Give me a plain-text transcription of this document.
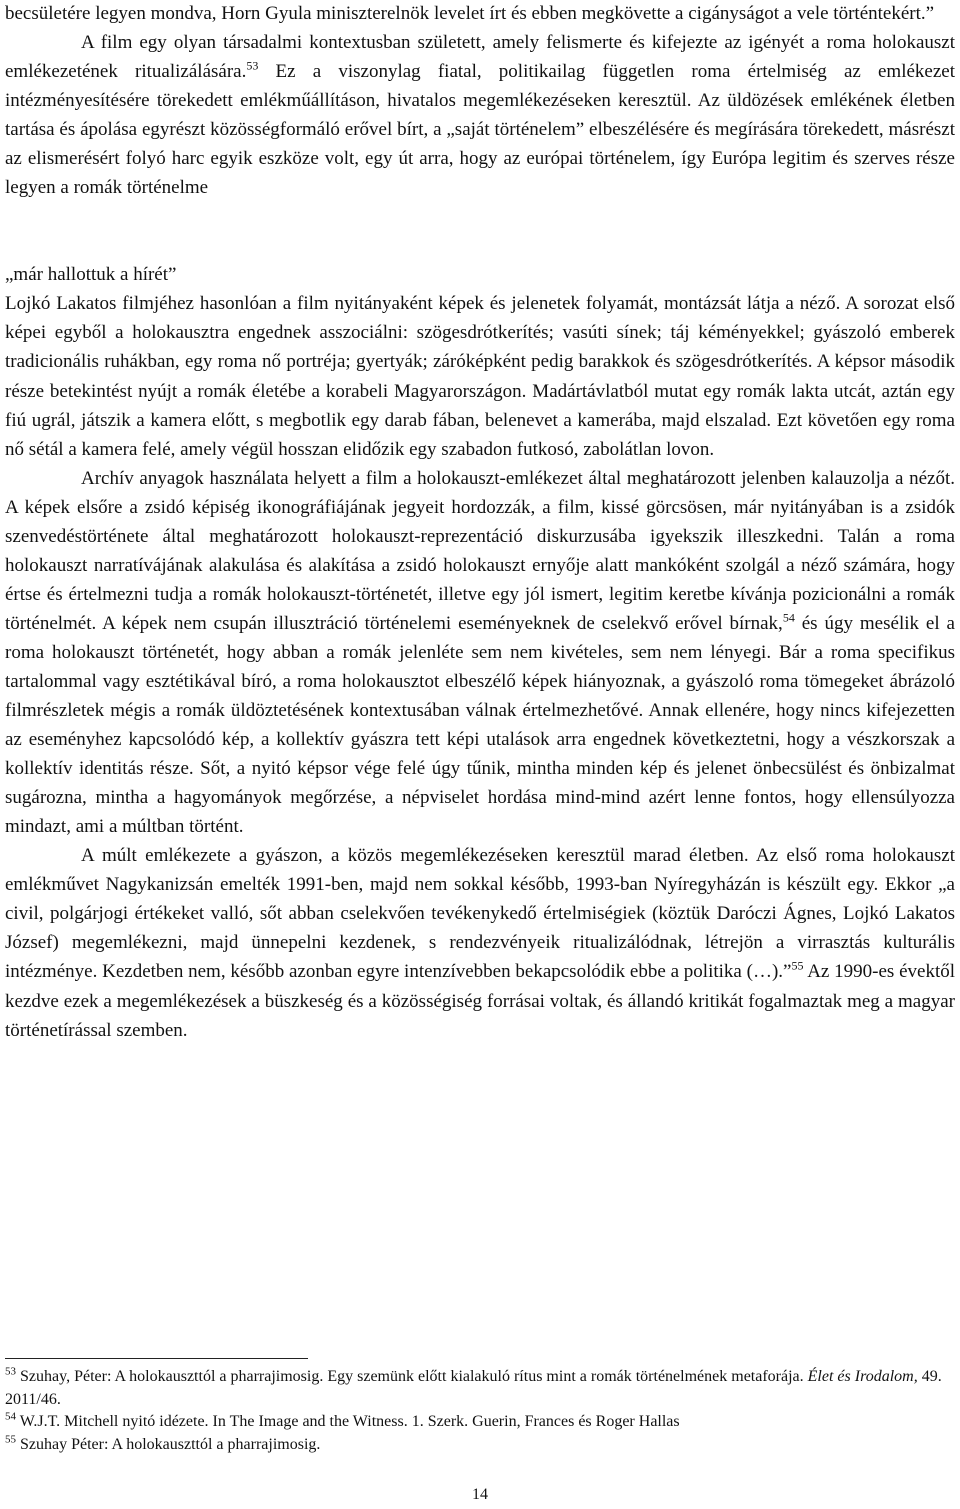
becsületére legyen mondva, Horn Gyula miniszterelnök levelet írt és ebben megkövette a cigányságot a vele történtekért.”

A film egy olyan társadalmi kontextusban született, amely felismerte és kifejezte az igényét a roma holokauszt emlékezetének ritualizálására.$^{53}$ Ez a viszonylag fiatal, politikailag független roma értelmiség az emlékezet intézményesítésére törekedett emlékműállításon, hivatalos megemlékezéseken keresztül. Az üldözések emlékének életben tartása és ápolása egyrészt közösségformáló erővel bírt, a „saját történelem” elbeszélésére és megírására törekedett, másrészt az elismerésért folyó harc egyik eszköze volt, egy út arra, hogy az európai történelem, így Európa legitim és szerves része legyen a romák történelme

„már hallottuk a hírét”

Lojkó Lakatos filmjéhez hasonlóan a film nyitányaként képek és jelenetek folyamát, montázsát látja a néző. A sorozat első képei egyből a holokausztra engednek asszociálni: szögesdrótkerítés; vasúti sínek; táj kéményekkel; gyászoló emberek tradicionális ruhákban, egy roma nő portréja; gyertyák; záróképként pedig barakkok és szögesdrótkerítés. A képsor második része betekintést nyújt a romák életébe a korabeli Magyarországon. Madártávlatból mutat egy romák lakta utcát, aztán egy fiú ugrál, játszik a kamera előtt, s megbotlik egy darab fában, belenevet a kamerába, majd elszalad. Ezt követően egy roma nő sétál a kamera felé, amely végül hosszan elidőzik egy szabadon futkosó, zabolátlan lovon.

Archív anyagok használata helyett a film a holokauszt-emlékezet által meghatározott jelenben kalauzolja a nézőt. A képek elsőre a zsidó képiség ikonográfiájának jegyeit hordozzák, a film, kissé görcsösen, már nyitányában is a zsidók szenvedéstörténete által meghatározott holokauszt-reprezentáció diskurzusába igyekszik illeszkedni. Talán a roma holokauszt narratívájának alakulása és alakítása a zsidó holokauszt ernyője alatt mankóként szolgál a néző számára, hogy értse és értelmezni tudja a romák holokauszt-történetét, illetve egy jól ismert, legitim keretbe kívánja pozicionálni a romák történelmét. A képek nem csupán illusztráció történelemi eseményeknek de cselekvő erővel bírnak,$^{54}$ és úgy mesélik el a roma holokauszt történetét, hogy abban a romák jelenléte sem nem kivételes, sem nem lényegi. Bár a roma specifikus tartalommal vagy esztétikával bíró, a roma holokausztot elbeszélő képek hiányoznak, a gyászoló roma tömegeket ábrázoló filmrészletek mégis a romák üldöztetésének kontextusában válnak értelmezhetővé. Annak ellenére, hogy nincs kifejezetten az eseményhez kapcsolódó kép, a kollektív gyászra tett képi utalások arra engednek következtetni, hogy a vészkorszak a kollektív identitás része. Sőt, a nyitó képsor vége felé úgy tűnik, mintha minden kép és jelenet önbecsülést és önbizalmat sugározna, mintha a hagyományok megőrzése, a népviselet hordása mind-mind azért lenne fontos, hogy ellensúlyozza mindazt, ami a múltban történt.

A múlt emlékezete a gyászon, a közös megemlékezéseken keresztül marad életben. Az első roma holokauszt emlékművet Nagykanizsán emelték 1991-ben, majd nem sokkal később, 1993-ban Nyíregyházán is készült egy. Ekkor „a civil, polgárjogi értékeket valló, sőt abban cselekvően tevékenykedő értelmiségiek (köztük Daróczi Ágnes, Lojkó Lakatos József) megemlékezni, majd ünnepelni kezdenek, s rendezvényeik ritualizálódnak, létrejön a virrasztás kulturális intézménye. Kezdetben nem, később azonban egyre intenzívebben bekapcsolódik ebbe a politika (…).”$^{55}$ Az 1990-es évektől kezdve ezek a megemlékezések a büszkeség és a közösségiség forrásai voltak, és állandó kritikát fogalmaztak meg a magyar történetírással szemben.

$^{53}$ Szuhay, Péter: A holokauszttól a pharrajimosig. Egy szemünk előtt kialakuló rítus mint a romák történelmének metaforája. Élet és Irodalom, 49. 2011/46.

$^{54}$ W.J.T. Mitchell nyitó idézete. In The Image and the Witness. 1. Szerk. Guerin, Frances és Roger Hallas

$^{55}$ Szuhay Péter: A holokauszttól a pharrajimosig.

14
